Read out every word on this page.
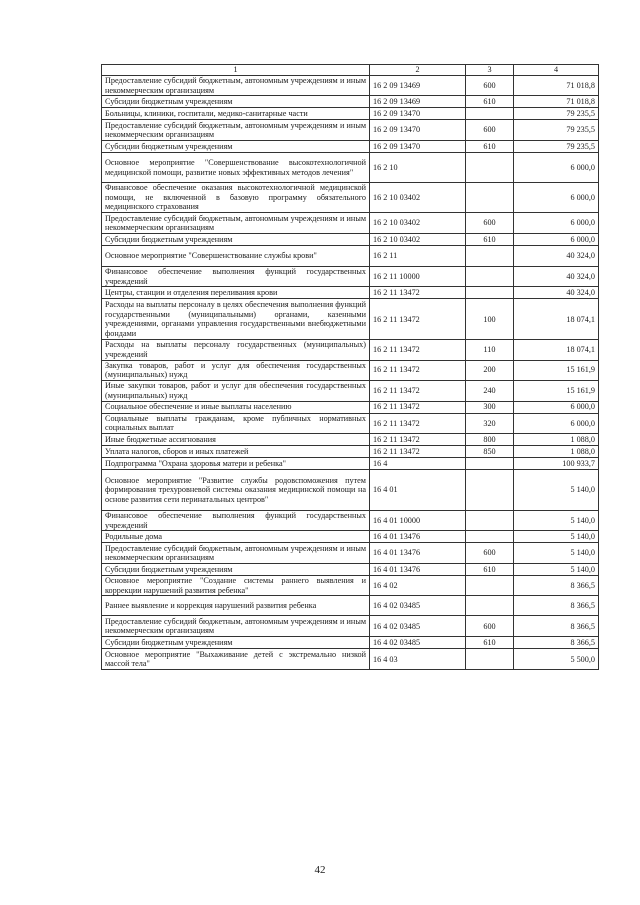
1	2	3	4
Предоставление субсидий бюджетным, автономным учреждениям и иным некоммерческим организациям	16 2 09 13469	600	71 018,8
Субсидии бюджетным учреждениям	16 2 09 13469	610	71 018,8
Больницы, клиники, госпитали, медико-санитарные части	16 2 09 13470		79 235,5
Предоставление субсидий бюджетным, автономным учреждениям и иным некоммерческим организациям	16 2 09 13470	600	79 235,5
Субсидии бюджетным учреждениям	16 2 09 13470	610	79 235,5
Основное мероприятие "Совершенствование высокотехнологичной медицинской помощи, развитие новых эффективных методов лечения"	16 2 10		6 000,0
Финансовое обеспечение оказания высокотехнологичной медицинской помощи, не включенной в базовую программу обязательного медицинского страхования	16 2 10 03402		6 000,0
Предоставление субсидий бюджетным, автономным учреждениям и иным некоммерческим организациям	16 2 10 03402	600	6 000,0
Субсидии бюджетным учреждениям	16 2 10 03402	610	6 000,0
Основное мероприятие "Совершенствование службы крови"	16 2 11		40 324,0
Финансовое обеспечение выполнения функций государственных учреждений	16 2 11 10000		40 324,0
Центры, станции и отделения переливания крови	16 2 11 13472		40 324,0
Расходы на выплаты персоналу в целях обеспечения выполнения функций государственными (муниципальными) органами, казенными учреждениями, органами управления государственными внебюджетными фондами	16 2 11 13472	100	18 074,1
Расходы на выплаты персоналу государственных (муниципальных) учреждений	16 2 11 13472	110	18 074,1
Закупка товаров, работ и услуг для обеспечения государственных (муниципальных) нужд	16 2 11 13472	200	15 161,9
Иные закупки товаров, работ и услуг для обеспечения государственных (муниципальных) нужд	16 2 11 13472	240	15 161,9
Социальное обеспечение и иные выплаты населению	16 2 11 13472	300	6 000,0
Социальные выплаты гражданам, кроме публичных нормативных социальных выплат	16 2 11 13472	320	6 000,0
Иные бюджетные ассигнования	16 2 11 13472	800	1 088,0
Уплата налогов, сборов и иных платежей	16 2 11 13472	850	1 088,0
Подпрограмма "Охрана здоровья матери и ребенка"	16 4		100 933,7
Основное мероприятие "Развитие службы родовспоможения путем формирования трехуровневой системы оказания медицинской помощи на основе развития сети перинатальных центров"	16 4 01		5 140,0
Финансовое обеспечение выполнения функций государственных учреждений	16 4 01 10000		5 140,0
Родильные дома	16 4 01 13476		5 140,0
Предоставление субсидий бюджетным, автономным учреждениям и иным некоммерческим организациям	16 4 01 13476	600	5 140,0
Субсидии бюджетным учреждениям	16 4 01 13476	610	5 140,0
Основное мероприятие "Создание системы раннего выявления и коррекции нарушений развития ребенка"	16 4 02		8 366,5
Раннее выявление и коррекция нарушений развития ребенка	16 4 02 03485		8 366,5
Предоставление субсидий бюджетным, автономным учреждениям и иным некоммерческим организациям	16 4 02 03485	600	8 366,5
Субсидии бюджетным учреждениям	16 4 02 03485	610	8 366,5
Основное мероприятие "Выхаживание детей с экстремально низкой массой тела"	16 4 03		5 500,0
42
